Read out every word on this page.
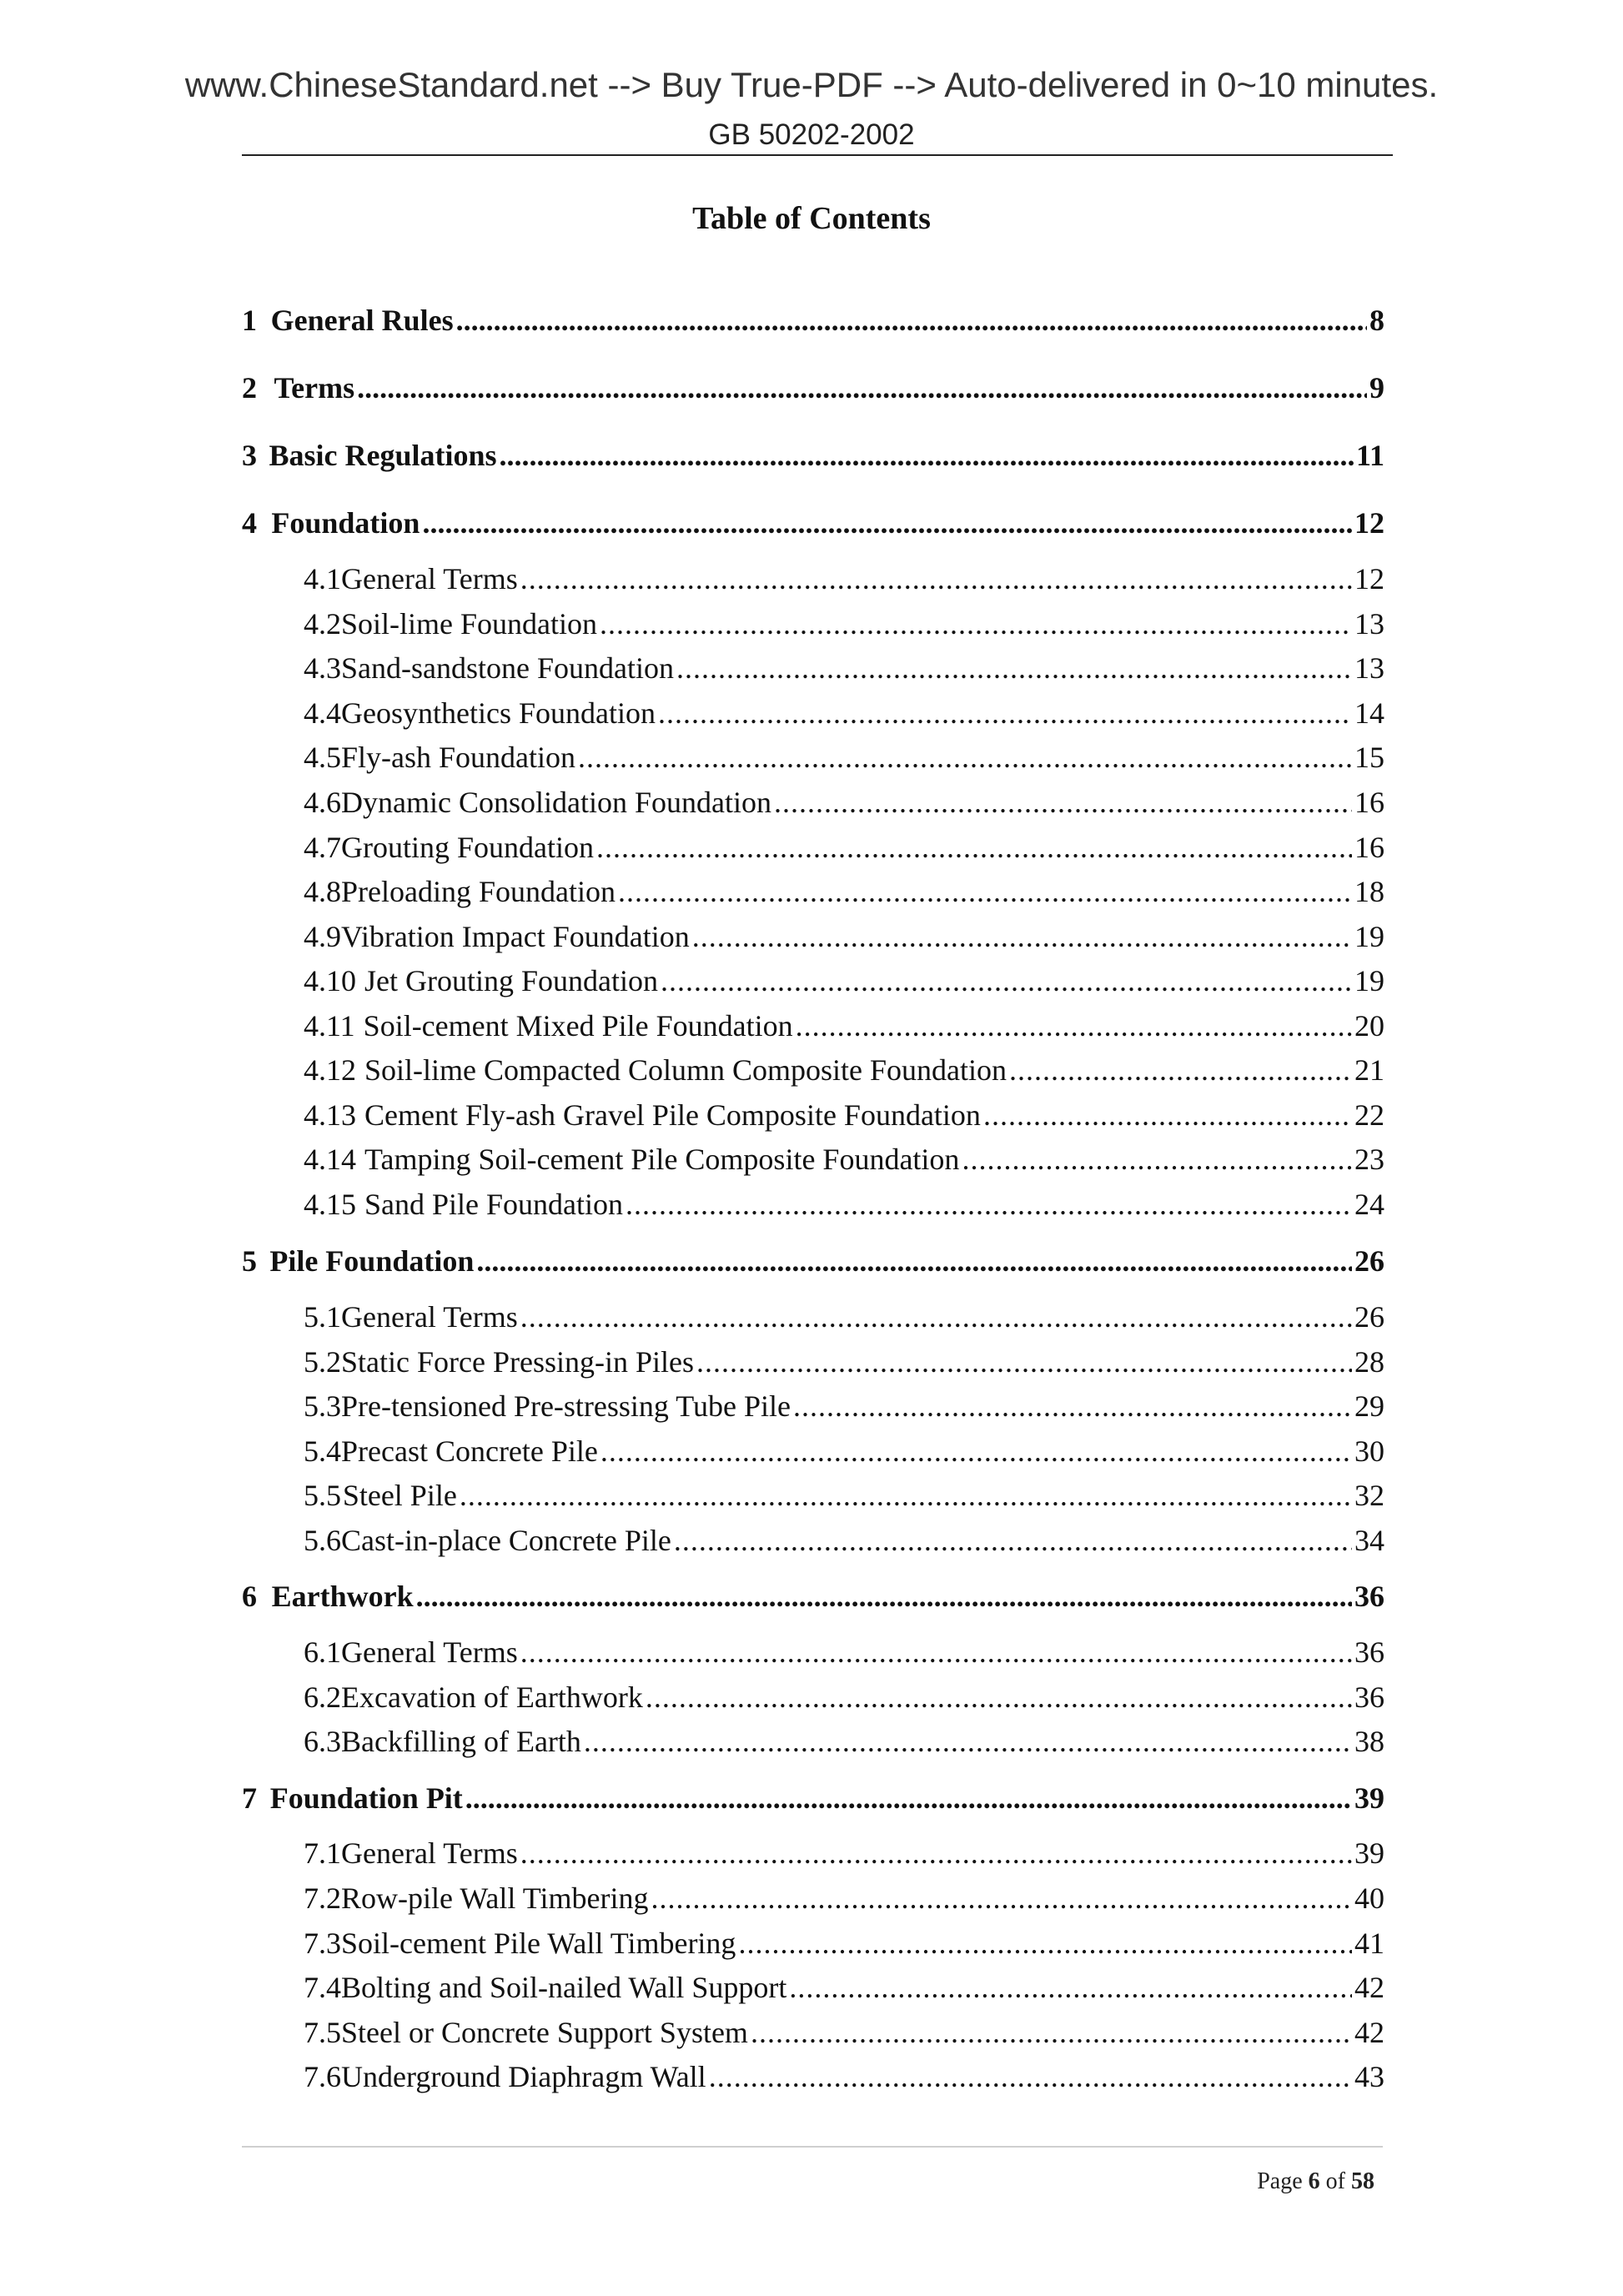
www.ChineseStandard.net --> Buy True-PDF --> Auto-delivered in 0~10 minutes.
GB 50202-2002
Table of Contents
1 General Rules .....	8
2 Terms .....	9
3 Basic Regulations .....	11
4 Foundation .....	12
4.1 General Terms .....	12
4.2 Soil-lime Foundation .....	13
4.3 Sand-sandstone Foundation .....	13
4.4 Geosynthetics Foundation .....	14
4.5 Fly-ash Foundation .....	15
4.6 Dynamic Consolidation Foundation .....	16
4.7 Grouting Foundation .....	16
4.8 Preloading Foundation .....	18
4.9 Vibration Impact Foundation .....	19
4.10 Jet Grouting Foundation .....	19
4.11 Soil-cement Mixed Pile Foundation .....	20
4.12 Soil-lime Compacted Column Composite Foundation .....	21
4.13 Cement Fly-ash Gravel Pile Composite Foundation .....	22
4.14 Tamping Soil-cement Pile Composite Foundation .....	23
4.15 Sand Pile Foundation .....	24
5 Pile Foundation .....	26
5.1 General Terms .....	26
5.2 Static Force Pressing-in Piles .....	28
5.3 Pre-tensioned Pre-stressing Tube Pile .....	29
5.4 Precast Concrete Pile .....	30
5.5 Steel Pile .....	32
5.6 Cast-in-place Concrete Pile .....	34
6 Earthwork .....	36
6.1 General Terms .....	36
6.2 Excavation of Earthwork .....	36
6.3 Backfilling of Earth .....	38
7 Foundation Pit .....	39
7.1 General Terms .....	39
7.2 Row-pile Wall Timbering .....	40
7.3 Soil-cement Pile Wall Timbering .....	41
7.4 Bolting and Soil-nailed Wall Support .....	42
7.5 Steel or Concrete Support System .....	42
7.6 Underground Diaphragm Wall .....	43
Page 6 of 58
